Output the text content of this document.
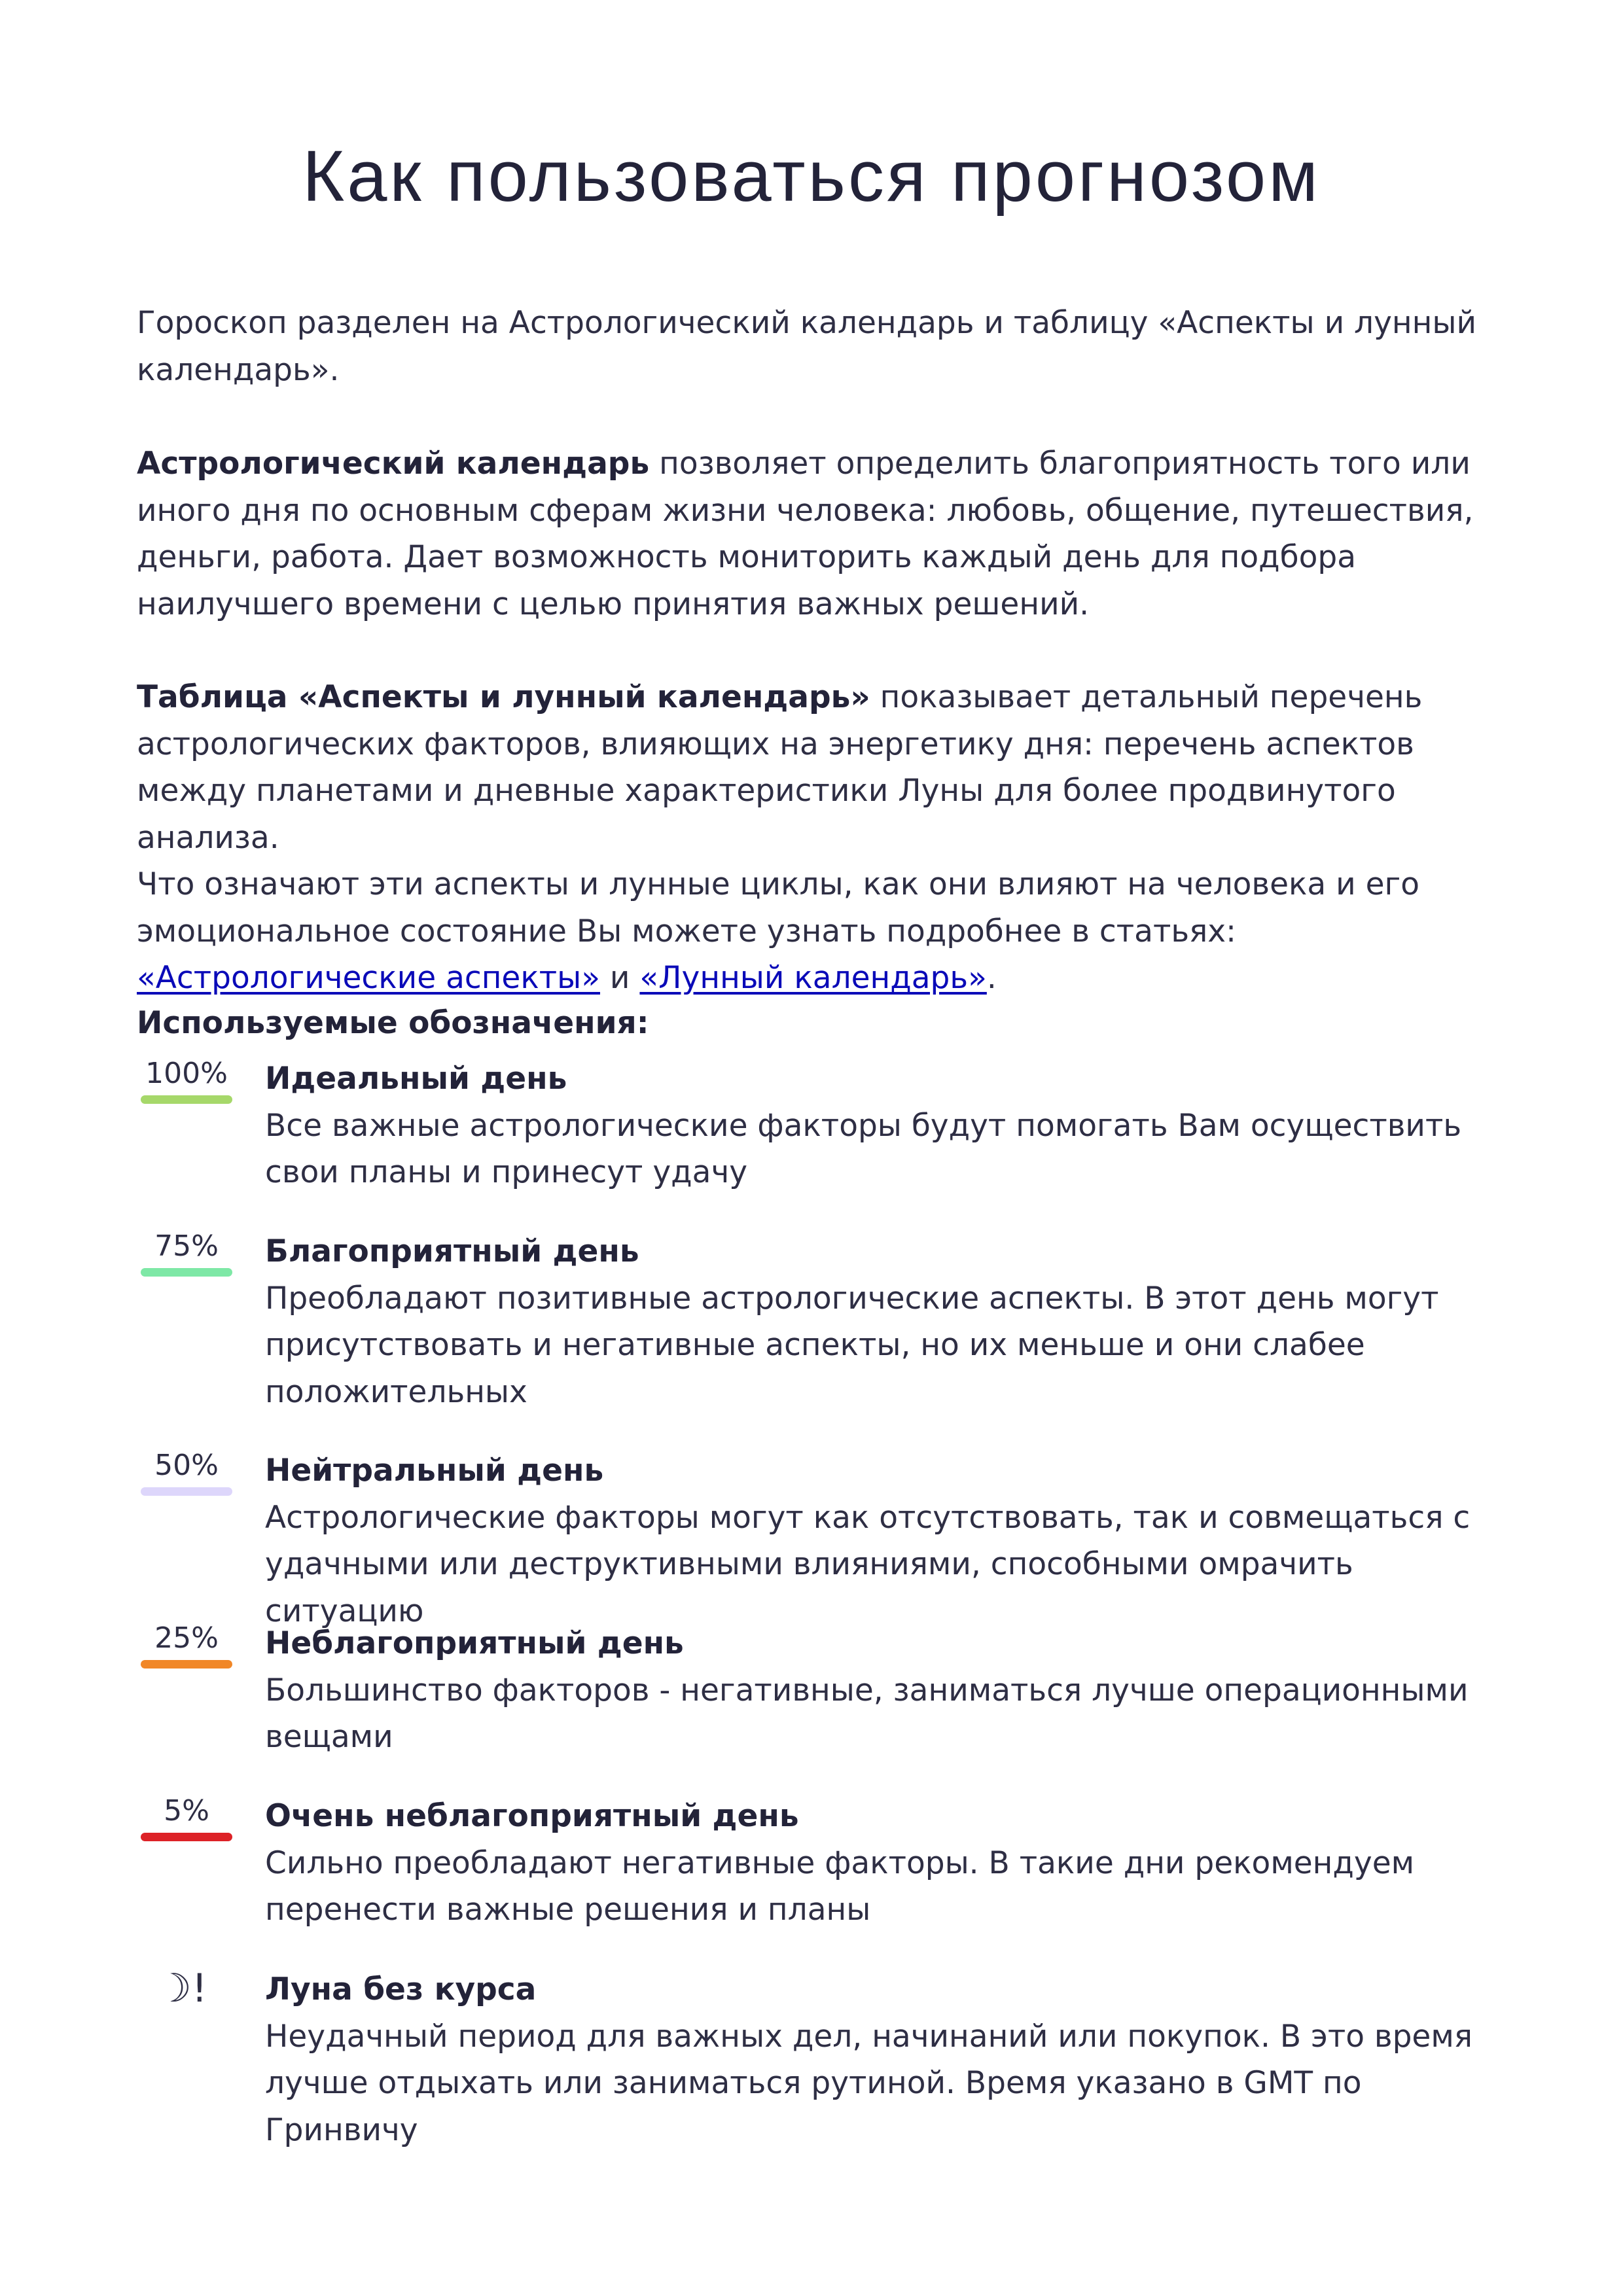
Как пользоваться прогнозом

Гороскоп разделен на Астрологический календарь и таблицу «Аспекты и лунный календарь».

Астрологический календарь позволяет определить благоприятность того или иного дня по основным сферам жизни человека: любовь, общение, путешествия, деньги, работа. Дает возможность мониторить каждый день для подбора наилучшего времени с целью принятия важных решений.

Таблица «Аспекты и лунный календарь» показывает детальный перечень астрологических факторов, влияющих на энергетику дня: перечень аспектов между планетами и дневные характеристики Луны для более продвинутого анализа.
Что означают эти аспекты и лунные циклы, как они влияют на человека и его эмоциональное состояние Вы можете узнать подробнее в статьях: «Астрологические аспекты» и «Лунный календарь».

Используемые обозначения:

100% Идеальный день

Все важные астрологические факторы будут помогать Вам осуществить свои планы и принесут удачу

75%	Благоприятный день

Преобладают позитивные астрологические аспекты. В этот день могут присутствовать и негативные аспекты, но их меньше и они слабее положительных

50%	Нейтральный день

Астрологические факторы могут как отсутствовать, так и совмещаться с удачными или деструктивными влияниями, способными омрачить ситуацию

25%	Неблагоприятный день

Большинство факторов - негативные, заниматься лучше операционными вещами

5%	Очень неблагоприятный день

Сильно преобладают негативные факторы. В такие дни рекомендуем перенести важные решения и планы

☽! Луна без курса

Неудачный период для важных дел, начинаний или покупок. В это время лучше отдыхать или заниматься рутиной. Время указано в GMT по Гринвичу
